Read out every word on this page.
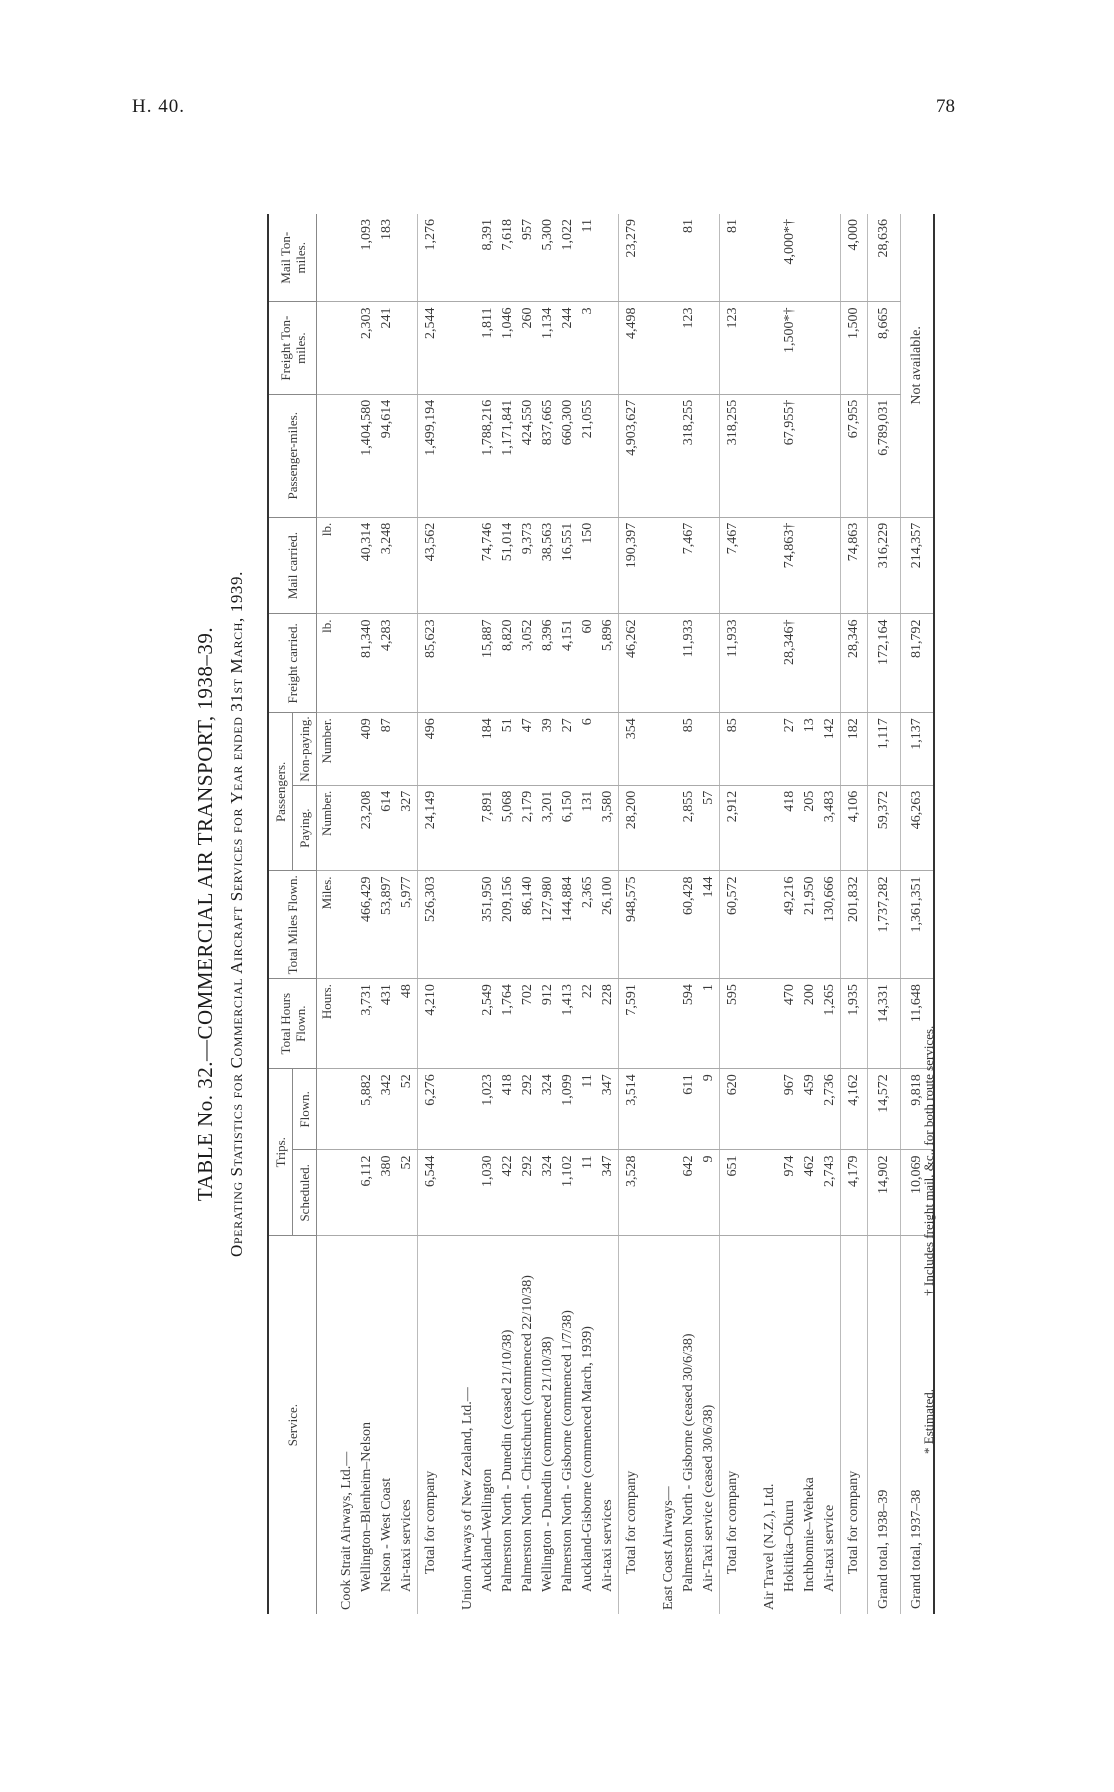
H. 40.	78
TABLE No. 32.—COMMERCIAL AIR TRANSPORT, 1938–39. Operating Statistics for Commercial Aircraft Services for Year ended 31st March, 1939.
Service.	Trips.		Total Hours Flown.	Total Miles Flown.	Passengers.		Freight carried.	Mail carried.	Passenger-miles.	Freight Ton-miles.	Mail Ton-miles.
	Scheduled.	Flown.			Paying.	Non-paying.					
			Hours.	Miles.	Number.	Number.	lb.	lb.			
Cook Strait Airways, Ltd.—											
Wellington–Blenheim–Nelson	6,112	5,882	3,731	466,429	23,208	409	81,340	40,314	1,404,580	2,303	1,093
Nelson - West Coast	380	342	431	53,897	614	87	4,283	3,248	94,614	241	183
Air-taxi services	52	52	48	5,977	327						
Total for company	6,544	6,276	4,210	526,303	24,149	496	85,623	43,562	1,499,194	2,544	1,276

Union Airways of New Zealand, Ltd.—											
Auckland–Wellington	1,030	1,023	2,549	351,950	7,891	184	15,887	74,746	1,788,216	1,811	8,391
Palmerston North - Dunedin (ceased 21/10/38)	422	418	1,764	209,156	5,068	51	8,820	51,014	1,171,841	1,046	7,618
Palmerston North - Christchurch (commenced 22/10/38)	292	292	702	86,140	2,179	47	3,052	9,373	424,550	260	957
Wellington - Dunedin (commenced 21/10/38)	324	324	912	127,980	3,201	39	8,396	38,563	837,665	1,134	5,300
Palmerston North - Gisborne (commenced 1/7/38)	1,102	1,099	1,413	144,884	6,150	27	4,151	16,551	660,300	244	1,022
Auckland-Gisborne (commenced March, 1939)	11	11	22	2,365	131	6	60	150	21,055	3	11
Air-taxi services	347	347	228	26,100	3,580		5,896				
Total for company	3,528	3,514	7,591	948,575	28,200	354	46,262	190,397	4,903,627	4,498	23,279

East Coast Airways—											
Palmerston North - Gisborne (ceased 30/6/38)	642	611	594	60,428	2,855	85	11,933	7,467	318,255	123	81
Air-Taxi service (ceased 30/6/38)	9	9	1	144	57						
Total for company	651	620	595	60,572	2,912	85	11,933	7,467	318,255	123	81

Air Travel (N.Z.), Ltd.											
Hokitika–Okuru	974	967	470	49,216	418	27	28,346†	74,863†	67,955†	1,500*†	4,000*†
Inchbonnie–Weheka	462	459	200	21,950	205	13					
Air-taxi service	2,743	2,736	1,265	130,666	3,483	142					
Total for company	4,179	4,162	1,935	201,832	4,106	182	28,346	74,863	67,955	1,500	4,000
Grand total, 1938–39	14,902	14,572	14,331	1,737,282	59,372	1,117	172,164	316,229	6,789,031	8,665	28,636
Grand total, 1937–38	10,069	9,818	11,648	1,361,351	46,263	1,137	81,792	214,357	Not available.		
* Estimated. † Includes freight mail, &c., for both route services.
